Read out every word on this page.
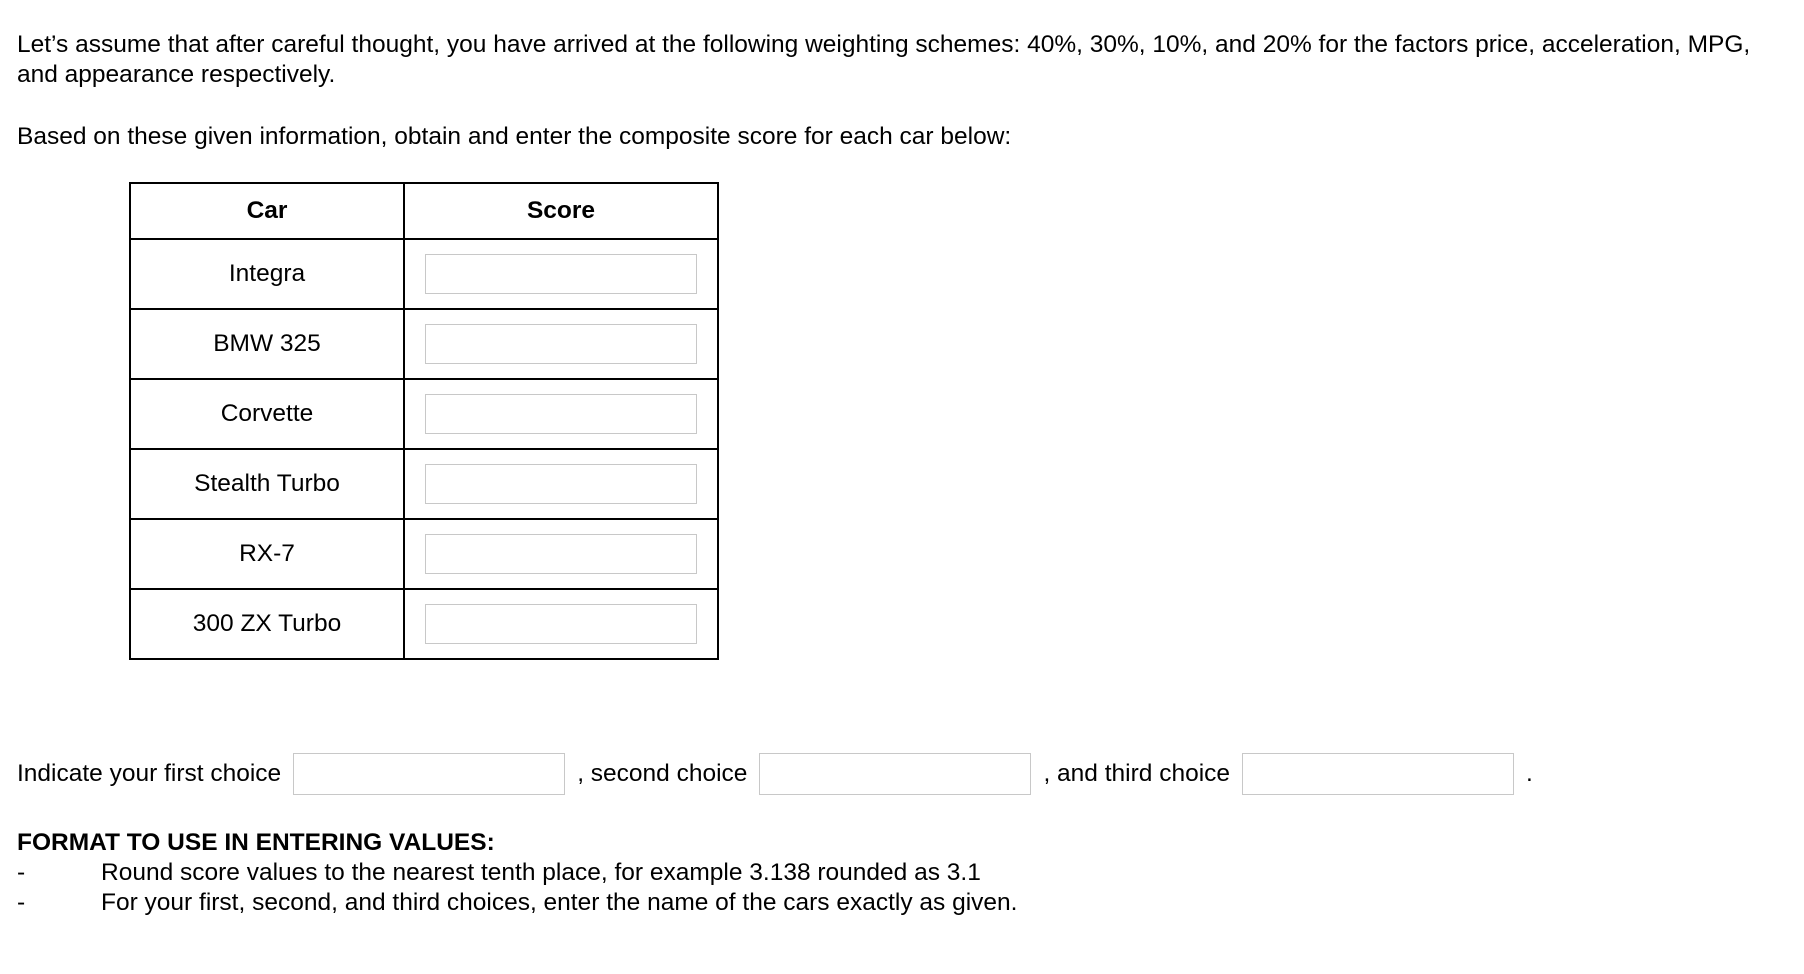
Let’s assume that after careful thought, you have arrived at the following weighting schemes: 40%, 30%, 10%, and 20% for the factors price, acceleration, MPG, and appearance respectively.

Based on these given information, obtain and enter the composite score for each car below:

Car	Score
Integra	

BMW 325	

Corvette	

Stealth Turbo	

RX-7	

300 ZX Turbo	
Indicate your first choice	, second choice	, and third choice	.

FORMAT TO USE IN ENTERING VALUES:

-	Round score values to the nearest tenth place, for example 3.138 rounded as 3.1
-	For your first, second, and third choices, enter the name of the cars exactly as given.
